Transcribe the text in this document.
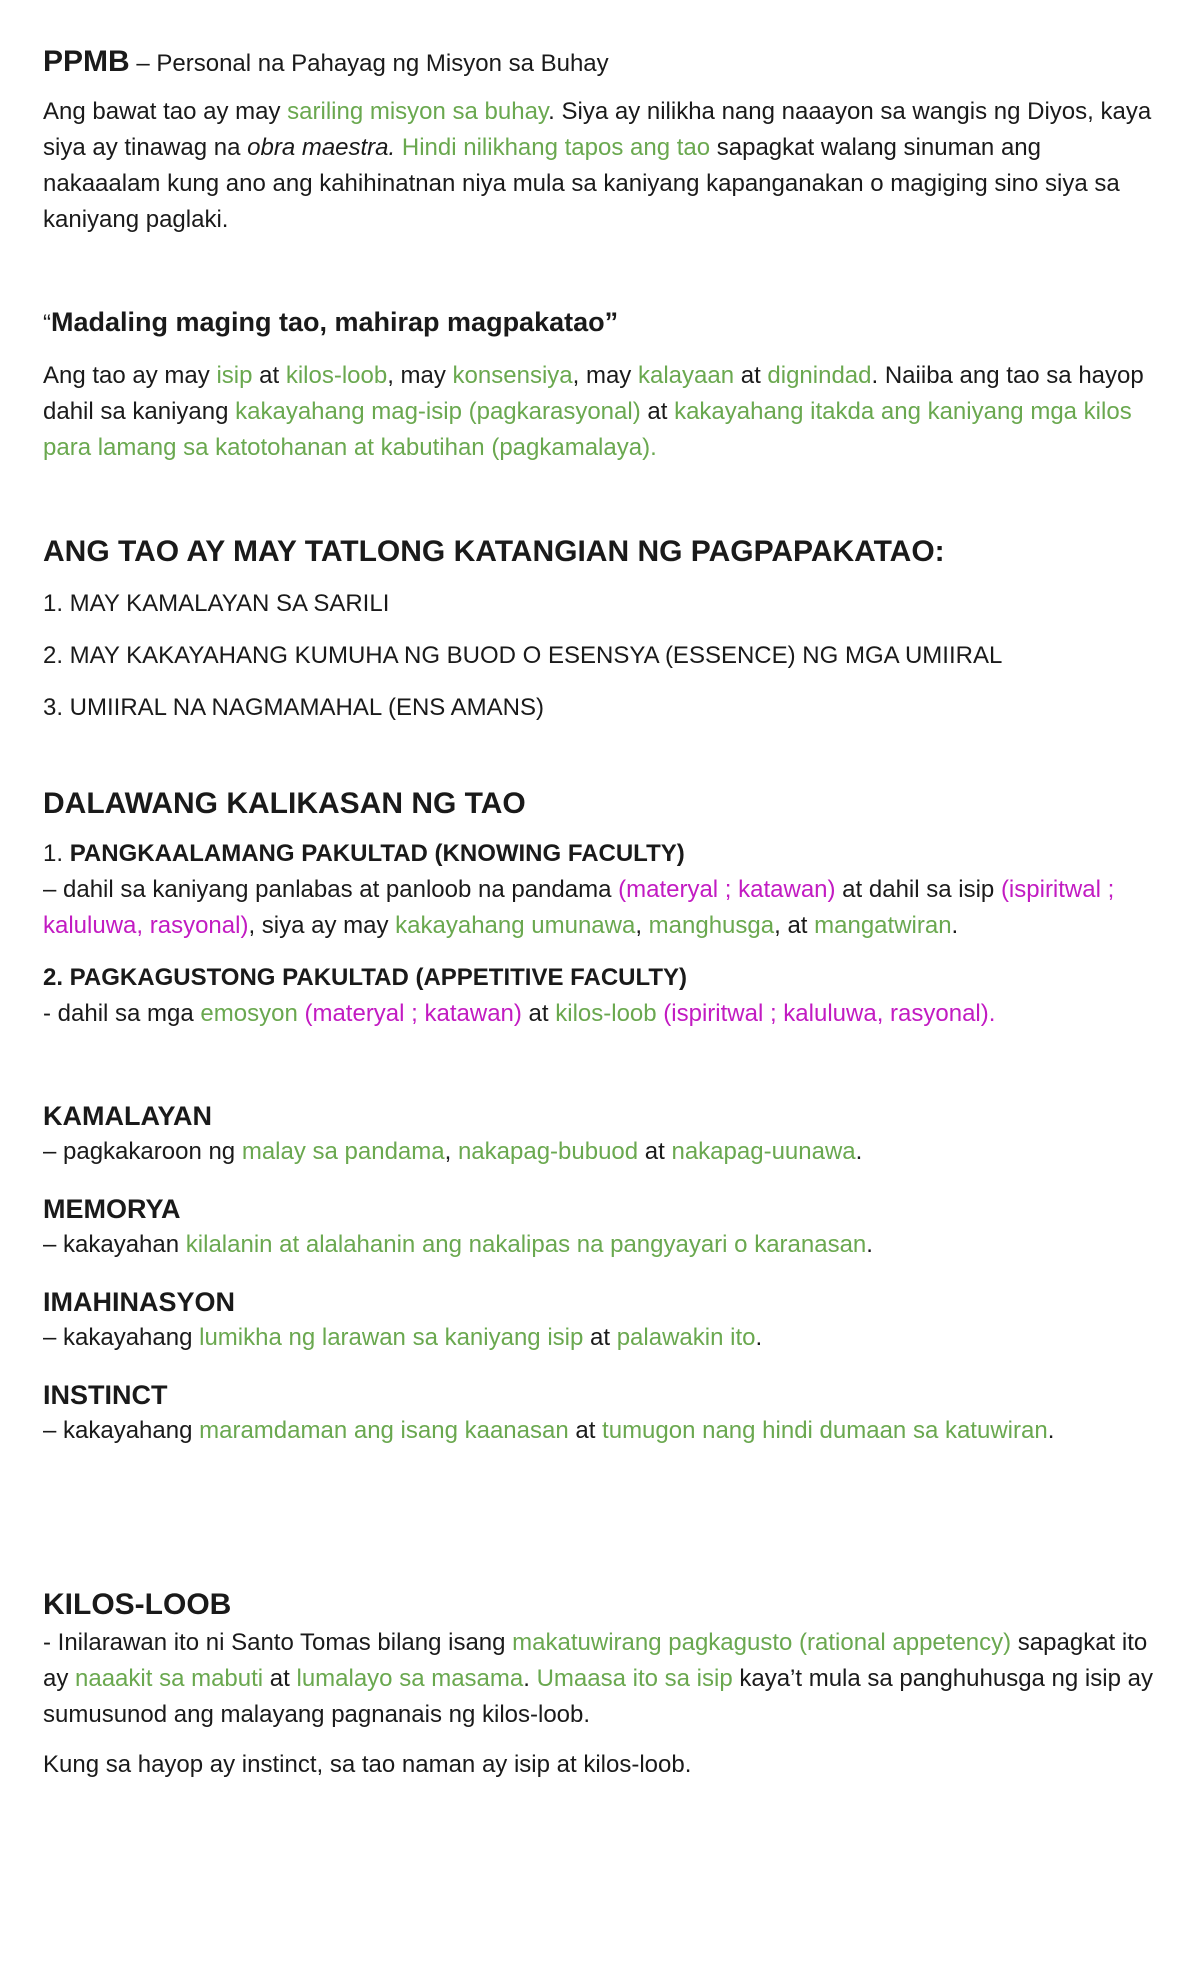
PPMB – Personal na Pahayag ng Misyon sa Buhay

Ang bawat tao ay may sariling misyon sa buhay. Siya ay nilikha nang naaayon sa wangis ng Diyos, kaya siya ay tinawag na obra maestra. Hindi nilikhang tapos ang tao sapagkat walang sinuman ang nakaaalam kung ano ang kahihinatnan niya mula sa kaniyang kapanganakan o magiging sino siya sa kaniyang paglaki.

“Madaling maging tao, mahirap magpakatao”

Ang tao ay may isip at kilos-loob, may konsensiya, may kalayaan at dignindad. Naiiba ang tao sa hayop dahil sa kaniyang kakayahang mag-isip (pagkarasyonal) at kakayahang itakda ang kaniyang mga kilos para lamang sa katotohanan at kabutihan (pagkamalaya).

ANG TAO AY MAY TATLONG KATANGIAN NG PAGPAPAKATAO:

1. MAY KAMALAYAN SA SARILI

2. MAY KAKAYAHANG KUMUHA NG BUOD O ESENSYA (ESSENCE) NG MGA UMIIRAL

3. UMIIRAL NA NAGMAMAHAL (ENS AMANS)

DALAWANG KALIKASAN NG TAO

1. PANGKAALAMANG PAKULTAD (KNOWING FACULTY)
– dahil sa kaniyang panlabas at panloob na pandama (materyal ; katawan) at dahil sa isip (ispiritwal ; kaluluwa, rasyonal), siya ay may kakayahang umunawa, manghusga, at mangatwiran.

2. PAGKAGUSTONG PAKULTAD (APPETITIVE FACULTY)
- dahil sa mga emosyon (materyal ; katawan) at kilos-loob (ispiritwal ; kaluluwa, rasyonal).

KAMALAYAN

– pagkakaroon ng malay sa pandama, nakapag-bubuod at nakapag-uunawa.

MEMORYA

– kakayahan kilalanin at alalahanin ang nakalipas na pangyayari o karanasan.

IMAHINASYON

– kakayahang lumikha ng larawan sa kaniyang isip at palawakin ito.

INSTINCT

– kakayahang maramdaman ang isang kaanasan at tumugon nang hindi dumaan sa katuwiran.

KILOS-LOOB

- Inilarawan ito ni Santo Tomas bilang isang makatuwirang pagkagusto (rational appetency) sapagkat ito ay naaakit sa mabuti at lumalayo sa masama. Umaasa ito sa isip kaya’t mula sa panghuhusga ng isip ay sumusunod ang malayang pagnanais ng kilos-loob.

Kung sa hayop ay instinct, sa tao naman ay isip at kilos-loob.
